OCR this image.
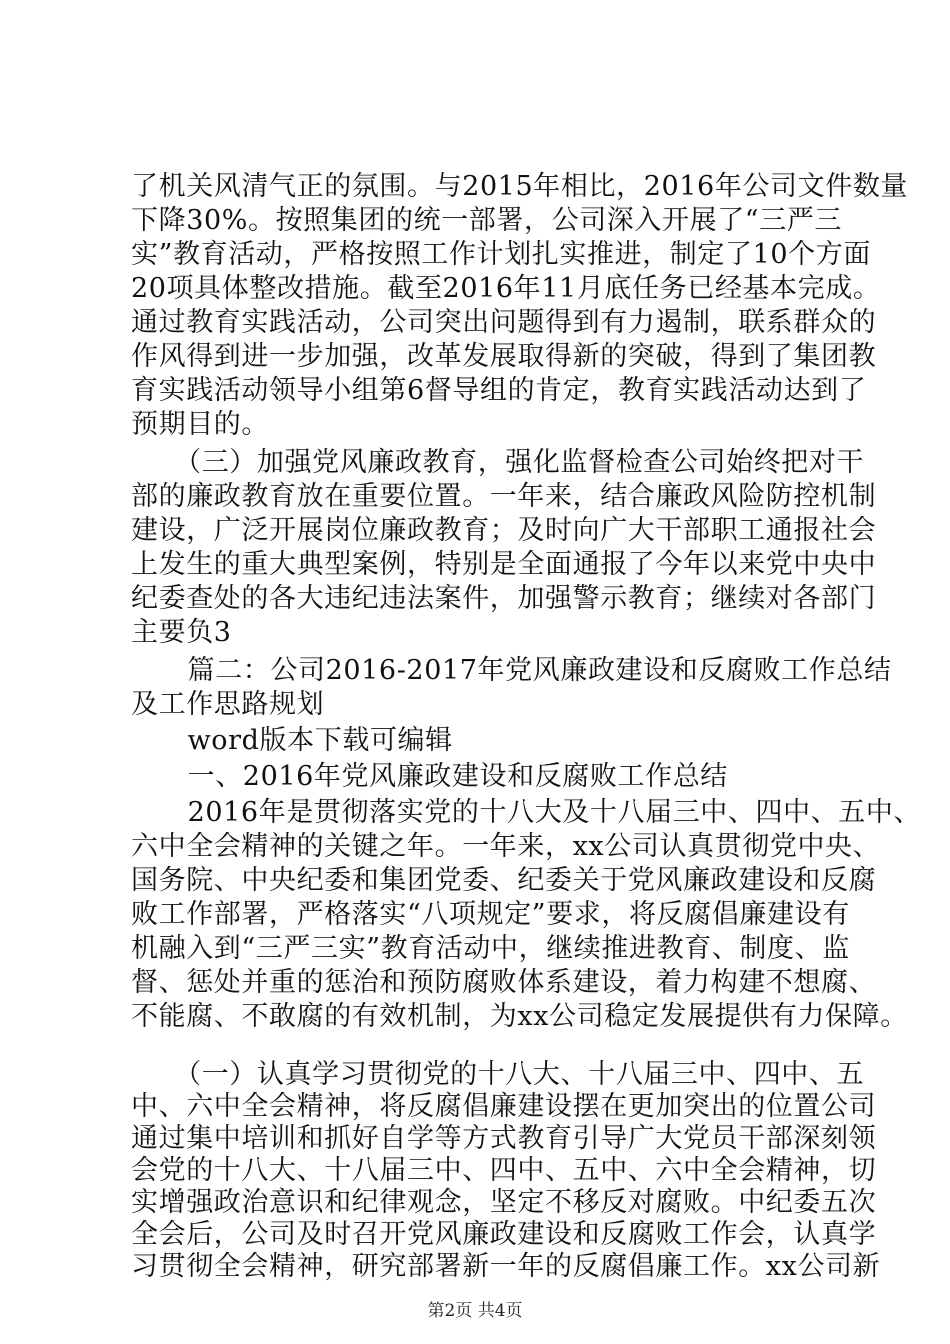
了机关风清气正的氛围。与2015年相比，2016年公司文件数量
下降30%。按照集团的统一部署，公司深入开展了“三严三
实”教育活动，严格按照工作计划扎实推进，制定了10个方面
20项具体整改措施。截至2016年11月底任务已经基本完成。
通过教育实践活动，公司突出问题得到有力遏制，联系群众的
作风得到进一步加强，改革发展取得新的突破，得到了集团教
育实践活动领导小组第6督导组的肯定，教育实践活动达到了
预期目的。
　（三）加强党风廉政教育，强化监督检查公司始终把对干
部的廉政教育放在重要位置。一年来，结合廉政风险防控机制
建设，广泛开展岗位廉政教育；及时向广大干部职工通报社会
上发生的重大典型案例，特别是全面通报了今年以来党中央中
纪委查处的各大违纪违法案件，加强警示教育；继续对各部门
主要负3
　篇二：公司2016-2017年党风廉政建设和反腐败工作总结
及工作思路规划
　word版本下载可编辑
　一、2016年党风廉政建设和反腐败工作总结
　2016年是贯彻落实党的十八大及十八届三中、四中、五中、
六中全会精神的关键之年。一年来，xx公司认真贯彻党中央、
国务院、中央纪委和集团党委、纪委关于党风廉政建设和反腐
败工作部署，严格落实“八项规定”要求，将反腐倡廉建设有
机融入到“三严三实”教育活动中，继续推进教育、制度、监
督、惩处并重的惩治和预防腐败体系建设，着力构建不想腐、
不能腐、不敢腐的有效机制，为xx公司稳定发展提供有力保障。
　（一）认真学习贯彻党的十八大、十八届三中、四中、五
中、六中全会精神，将反腐倡廉建设摆在更加突出的位置公司
通过集中培训和抓好自学等方式教育引导广大党员干部深刻领
会党的十八大、十八届三中、四中、五中、六中全会精神，切
第2页 共4页
实增强政治意识和纪律观念，坚定不移反对腐败。中纪委五次
全会后，公司及时召开党风廉政建设和反腐败工作会，认真学
习贯彻全会精神，研究部署新一年的反腐倡廉工作。xx公司新
